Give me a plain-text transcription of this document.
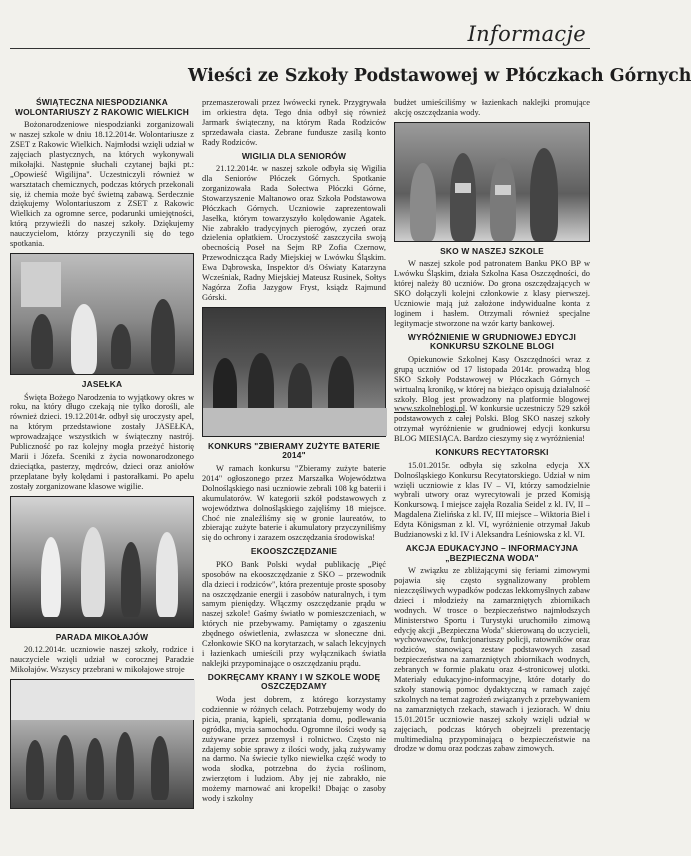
Informacje
Wieści ze Szkoły Podstawowej w Płóczkach Górnych
ŚWIĄTECZNA NIESPODZIANKA WOLONTARIUSZY Z RAKOWIC WIELKICH

Bożonarodzeniowe niespodzianki zorganizowali w naszej szkole w dniu 18.12.2014r. Wolontariusze z ZSET z Rakowic Wielkich. Najmłodsi wzięli udział w zajęciach plastycznych, na których wykonywali mikołajki. Następnie słuchali czytanej bajki pt.: „Opowieść Wigilijna". Uczestniczyli również w warsztatach chemicznych, podczas których przekonali się, iż chemia może być świetną zabawą. Serdecznie dziękujemy Wolontariuszom z ZSET z Rakowic Wielkich za ogromne serce, podarunki umiejętności, którą przywieźli do naszej szkoły. Dziękujemy nauczycielom, którzy przyczynili się do tego spotkania.

JASEŁKA

Święta Bożego Narodzenia to wyjątkowy okres w roku, na który długo czekają nie tylko dorośli, ale również dzieci. 19.12.2014r. odbył się uroczysty apel, na którym przedstawione zostały JASEŁKA, wprowadzające wszystkich w świąteczny nastrój. Publiczność po raz kolejny mogła przeżyć historię Marii i Józefa. Sceniki z życia nowonarodzonego dzieciątka, pasterzy, mędrców, dzieci oraz aniołów przeplatane były kolędami i pastorałkami. Po apelu zostały zorganizowane klasowe wigilie.

PARADA MIKOŁAJÓW

20.12.2014r. uczniowie naszej szkoły, rodzice i nauczyciele wzięli udział w corocznej Paradzie Mikołajów. Wszyscy przebrani w mikołajowe stroje

przemaszerowali przez lwówecki rynek. Przygrywała im orkiestra dęta. Tego dnia odbył się również Jarmark świąteczny, na którym Rada Rodziców sprzedawała ciasta. Zebrane fundusze zasilą konto Rady Rodziców.

WIGILIA DLA SENIORÓW

21.12.2014r. w naszej szkole odbyła się Wigilia dla Seniorów Płóczek Górnych. Spotkanie zorganizowała Rada Sołectwa Płóczki Górne, Stowarzyszenie Maltanowo oraz Szkoła Podstawowa Płóczkach Górnych. Uczniowie zaprezentowali Jasełka, którym towarzyszyło kolędowanie Agatek. Nie zabrakło tradycyjnych pierogów, zyczeń oraz dzielenia opłatkiem. Uroczystość zaszczyciła swoją obecnością Poseł na Sejm RP Zofia Czernow, Przewodnicząca Rady Miejskiej w Lwówku Śląskim. Ewa Dąbrowska, Inspektor d/s Oświaty Katarzyna Wcześniak, Radny Miejskiej Mateusz Rusinek, Sołtys Nagórza Zofia Jazygow Fryst, ksiądz Rajmund Górski.

KONKURS "ZBIERAMY ZUŻYTE BATERIE 2014"

W ramach konkursu "Zbieramy zużyte baterie 2014" ogłoszonego przez Marszałka Województwa Dolnośląskiego nasi uczniowie zebrali 108 kg baterii i akumulatorów. W kategorii szkół podstawowych z województwa dolnośląskiego zajęliśmy 18 miejsce. Choć nie znaleźliśmy się w gronie laureatów, to zbierając zużyte baterie i akumulatory przyczyniliśmy się do ochrony i zarazem oszczędzania środowiska!

EKOOSZCZĘDZANIE

PKO Bank Polski wydał publikację „Pięć sposobów na ekooszczędzanie z SKO – przewodnik dla dzieci i rodziców", która prezentuje proste sposoby na oszczędzanie energii i zasobów naturalnych, i tym samym pieniędzy. Włączmy oszczędzanie prądu w naszej szkole! Gaśmy światło w pomieszczeniach, w których nie przebywamy. Pamiętamy o zgaszeniu zbędnego oświetlenia, zwłaszcza w słoneczne dni. Członkowie SKO na korytarzach, w salach lekcyjnych i łazienkach umieścili przy wyłącznikach światła naklejki przypominające o oszczędzaniu prądu.

DOKRĘCAMY KRANY I W SZKOLE WODĘ OSZCZĘDZAMY

Woda jest dobrem, z którego korzystamy codziennie w różnych celach. Potrzebujemy wody do picia, prania, kąpieli, sprzątania domu, podlewania ogródka, mycia samochodu. Ogromne ilości wody są zużywane przez przemysł i rolnictwo. Często nie zdajemy sobie sprawy z ilości wody, jaką zużywamy na darmo. Na świecie tylko niewielka część wody to woda słodka, potrzebna do życia roślinom, zwierzętom i ludziom. Aby jej nie zabrakło, nie możemy marnować ani kropelki! Dbając o zasoby wody i szkolny

budżet umieściliśmy w łazienkach naklejki promujące akcję oszczędzania wody.

SKO W NASZEJ SZKOLE

W naszej szkole pod patronatem Banku PKO BP w Lwówku Śląskim, działa Szkolna Kasa Oszczędności, do której należy 80 uczniów. Do grona oszczędzających w SKO dołączyli kolejni członkowie z klasy pierwszej. Uczniowie mają już założone indywidualne konta z loginem i hasłem. Otrzymali również specjalne legitymacje stworzone na wzór karty bankowej.

WYRÓŻNIENIE W GRUDNIOWEJ EDYCJI KONKURSU SZKOLNE BLOGI

Opiekunowie Szkolnej Kasy Oszczędności wraz z grupą uczniów od 17 listopada 2014r. prowadzą blog SKO Szkoły Podstawowej w Płóczkach Górnych – wirtualną kronikę, w której na bieżąco opisują działalność szkoły. Blog jest prowadzony na platformie blogowej www.szkolneblogi.pl. W konkursie uczestniczy 529 szkół podstawowych z całej Polski. Blog SKO naszej szkoły otrzymał wyróżnienie w grudniowej edycji konkursu BLOG MIESIĄCA. Bardzo cieszymy się z wyróżnienia!

KONKURS RECYTATORSKI

15.01.2015r. odbyła się szkolna edycja XX Dolnośląskiego Konkursu Recytatorskiego. Udział w nim wzięli uczniowie z klas IV – VI, którzy samodzielnie wybrali utwory oraz wyrecytowali je przed Komisją Konkursową. I miejsce zajęła Rozalia Seidel z kl. IV, II – Magdalena Zielińska z kl. IV, III miejsce – Wiktoria Biel i Edyta Königsman z kl. VI, wyróżnienie otrzymał Jakub Budzianowski z kl. IV i Aleksandra Leśniowska z kl. VI.

AKCJA EDUKACYJNO – INFORMACYJNA „BEZPIECZNA WODA"

W związku ze zbliżającymi się feriami zimowymi pojawia się często sygnalizowany problem niezczęśliwych wypadków podczas lekkomyślnych zabaw dzieci i młodzieży na zamarzniętych zbiornikach wodnych. W trosce o bezpieczeństwo najmłodszych Ministerstwo Sportu i Turystyki uruchomiło zimową edycję akcji „Bezpieczna Woda" skierowaną do uczycieli, wychowawców, funkcjonariuszy policji, ratowników oraz rodziców, stanowiącą zestaw podstawowych zasad bezpieczeństwa na zamarzniętych zbiornikach wodnych, zebranych w formie plakatu oraz 4-stronicowej ulotki. Materiały edukacyjno-informacyjne, które dotarły do szkoły stanowią pomoc dydaktyczną w ramach zajęć szkolnych na temat zagrożeń związanych z przebywaniem na zamarzniętych rzekach, stawach i jeziorach. W dniu 15.01.2015r uczniowie naszej szkoły wzięli udział w zajęciach, podczas których obejrzeli prezentację multimedialną przypominającą o bezpieczeństwie na drodze w domu oraz podczas zabaw zimowych.
